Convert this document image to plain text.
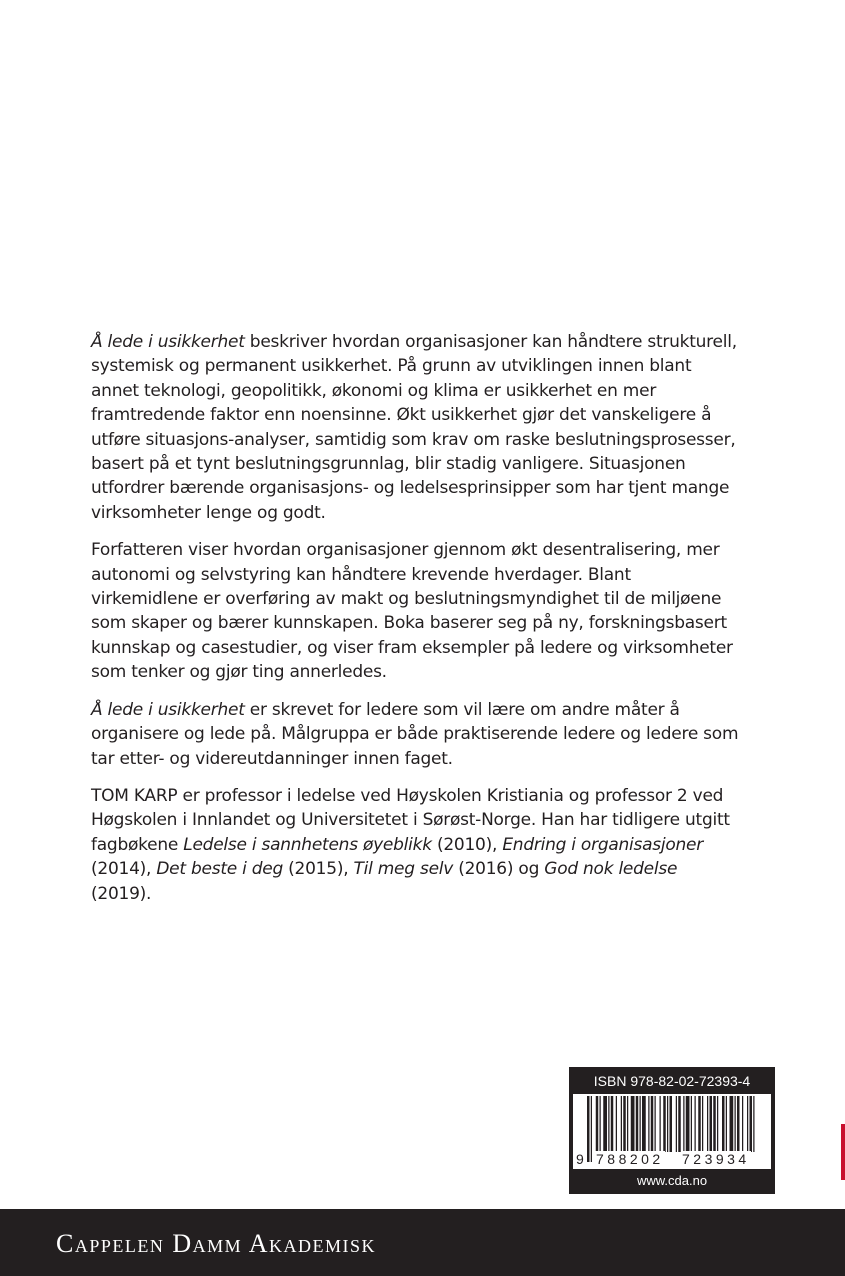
Å lede i usikkerhet beskriver hvordan organisasjoner kan håndtere strukturell, systemisk og permanent usikkerhet. På grunn av utviklingen innen blant annet teknologi, geopolitikk, økonomi og klima er usikkerhet en mer framtredende faktor enn noensinne. Økt usikkerhet gjør det vanskeligere å utføre situasjons-analyser, samtidig som krav om raske beslutningsprosesser, basert på et tynt beslutningsgrunnlag, blir stadig vanligere. Situasjonen utfordrer bærende organisasjons- og ledelsesprinsipper som har tjent mange virksomheter lenge og godt.

Forfatteren viser hvordan organisasjoner gjennom økt desentralisering, mer autonomi og selvstyring kan håndtere krevende hverdager. Blant virkemidlene er overføring av makt og beslutningsmyndighet til de miljøene som skaper og bærer kunnskapen. Boka baserer seg på ny, forskningsbasert kunnskap og casestudier, og viser fram eksempler på ledere og virksomheter som tenker og gjør ting annerledes.

Å lede i usikkerhet er skrevet for ledere som vil lære om andre måter å organisere og lede på. Målgruppa er både praktiserende ledere og ledere som tar etter- og videreutdanninger innen faget.

TOM KARP er professor i ledelse ved Høyskolen Kristiania og professor 2 ved Høgskolen i Innlandet og Universitetet i Sørøst-Norge. Han har tidligere utgitt fagbøkene Ledelse i sannhetens øyeblikk (2010), Endring i organisasjoner (2014), Det beste i deg (2015), Til meg selv (2016) og God nok ledelse (2019).

ISBN 978-82-02-72393-4
9 788202 723934
www.cda.no
Cappelen Damm Akademisk
